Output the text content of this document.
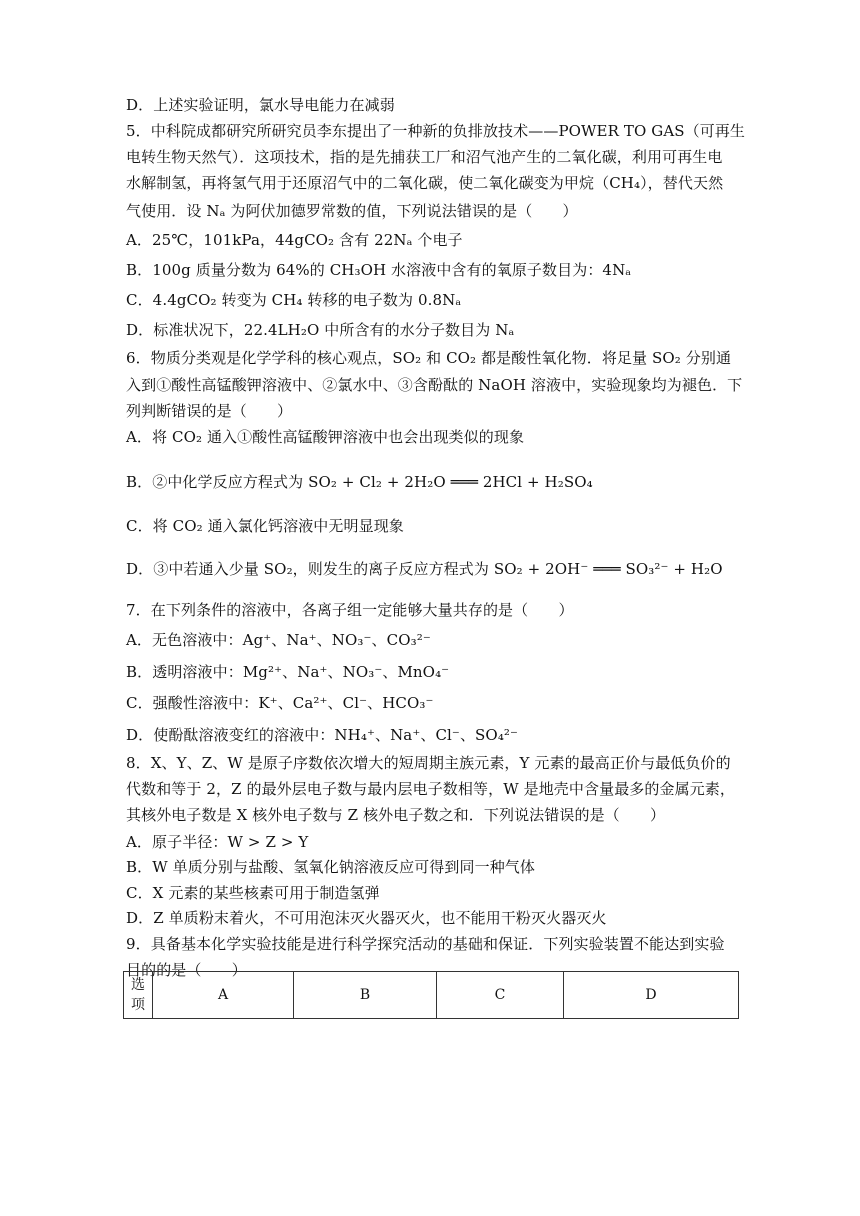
D．上述实验证明，氯水导电能力在减弱
5．中科院成都研究所研究员李东提出了一种新的负排放技术——POWER TO GAS（可再生
电转生物天然气）．这项技术，指的是先捕获工厂和沼气池产生的二氧化碳，利用可再生电
水解制氢，再将氢气用于还原沼气中的二氧化碳，使二氧化碳变为甲烷（CH₄），替代天然
气使用．设 Nₐ 为阿伏加德罗常数的值，下列说法错误的是（　　）
A．25℃，101kPa，44gCO₂ 含有 22Nₐ 个电子
B．100g 质量分数为 64%的 CH₃OH 水溶液中含有的氧原子数目为：4Nₐ
C．4.4gCO₂ 转变为 CH₄ 转移的电子数为 0.8Nₐ
D．标准状况下，22.4LH₂O 中所含有的水分子数目为 Nₐ
6．物质分类观是化学学科的核心观点，SO₂ 和 CO₂ 都是酸性氧化物．将足量 SO₂ 分别通
入到①酸性高锰酸钾溶液中、②氯水中、③含酚酞的 NaOH 溶液中，实验现象均为褪色．下
列判断错误的是（　　）
A．将 CO₂ 通入①酸性高锰酸钾溶液中也会出现类似的现象
B．②中化学反应方程式为 SO₂ + Cl₂ + 2H₂O ═══ 2HCl + H₂SO₄
C．将 CO₂ 通入氯化钙溶液中无明显现象
D．③中若通入少量 SO₂，则发生的离子反应方程式为 SO₂ + 2OH⁻ ═══ SO₃²⁻ + H₂O
7．在下列条件的溶液中，各离子组一定能够大量共存的是（　　）
A．无色溶液中：Ag⁺、Na⁺、NO₃⁻、CO₃²⁻
B．透明溶液中：Mg²⁺、Na⁺、NO₃⁻、MnO₄⁻
C．强酸性溶液中：K⁺、Ca²⁺、Cl⁻、HCO₃⁻
D．使酚酞溶液变红的溶液中：NH₄⁺、Na⁺、Cl⁻、SO₄²⁻
8．X、Y、Z、W 是原子序数依次增大的短周期主族元素，Y 元素的最高正价与最低负价的
代数和等于 2，Z 的最外层电子数与最内层电子数相等，W 是地壳中含量最多的金属元素，
其核外电子数是 X 核外电子数与 Z 核外电子数之和．下列说法错误的是（　　）
A．原子半径：W > Z > Y
B．W 单质分别与盐酸、氢氧化钠溶液反应可得到同一种气体
C．X 元素的某些核素可用于制造氢弹
D．Z 单质粉末着火，不可用泡沫灭火器灭火，也不能用干粉灭火器灭火
9．具备基本化学实验技能是进行科学探究活动的基础和保证．下列实验装置不能达到实验
目的的是（　　）
选项	A	B	C	D
